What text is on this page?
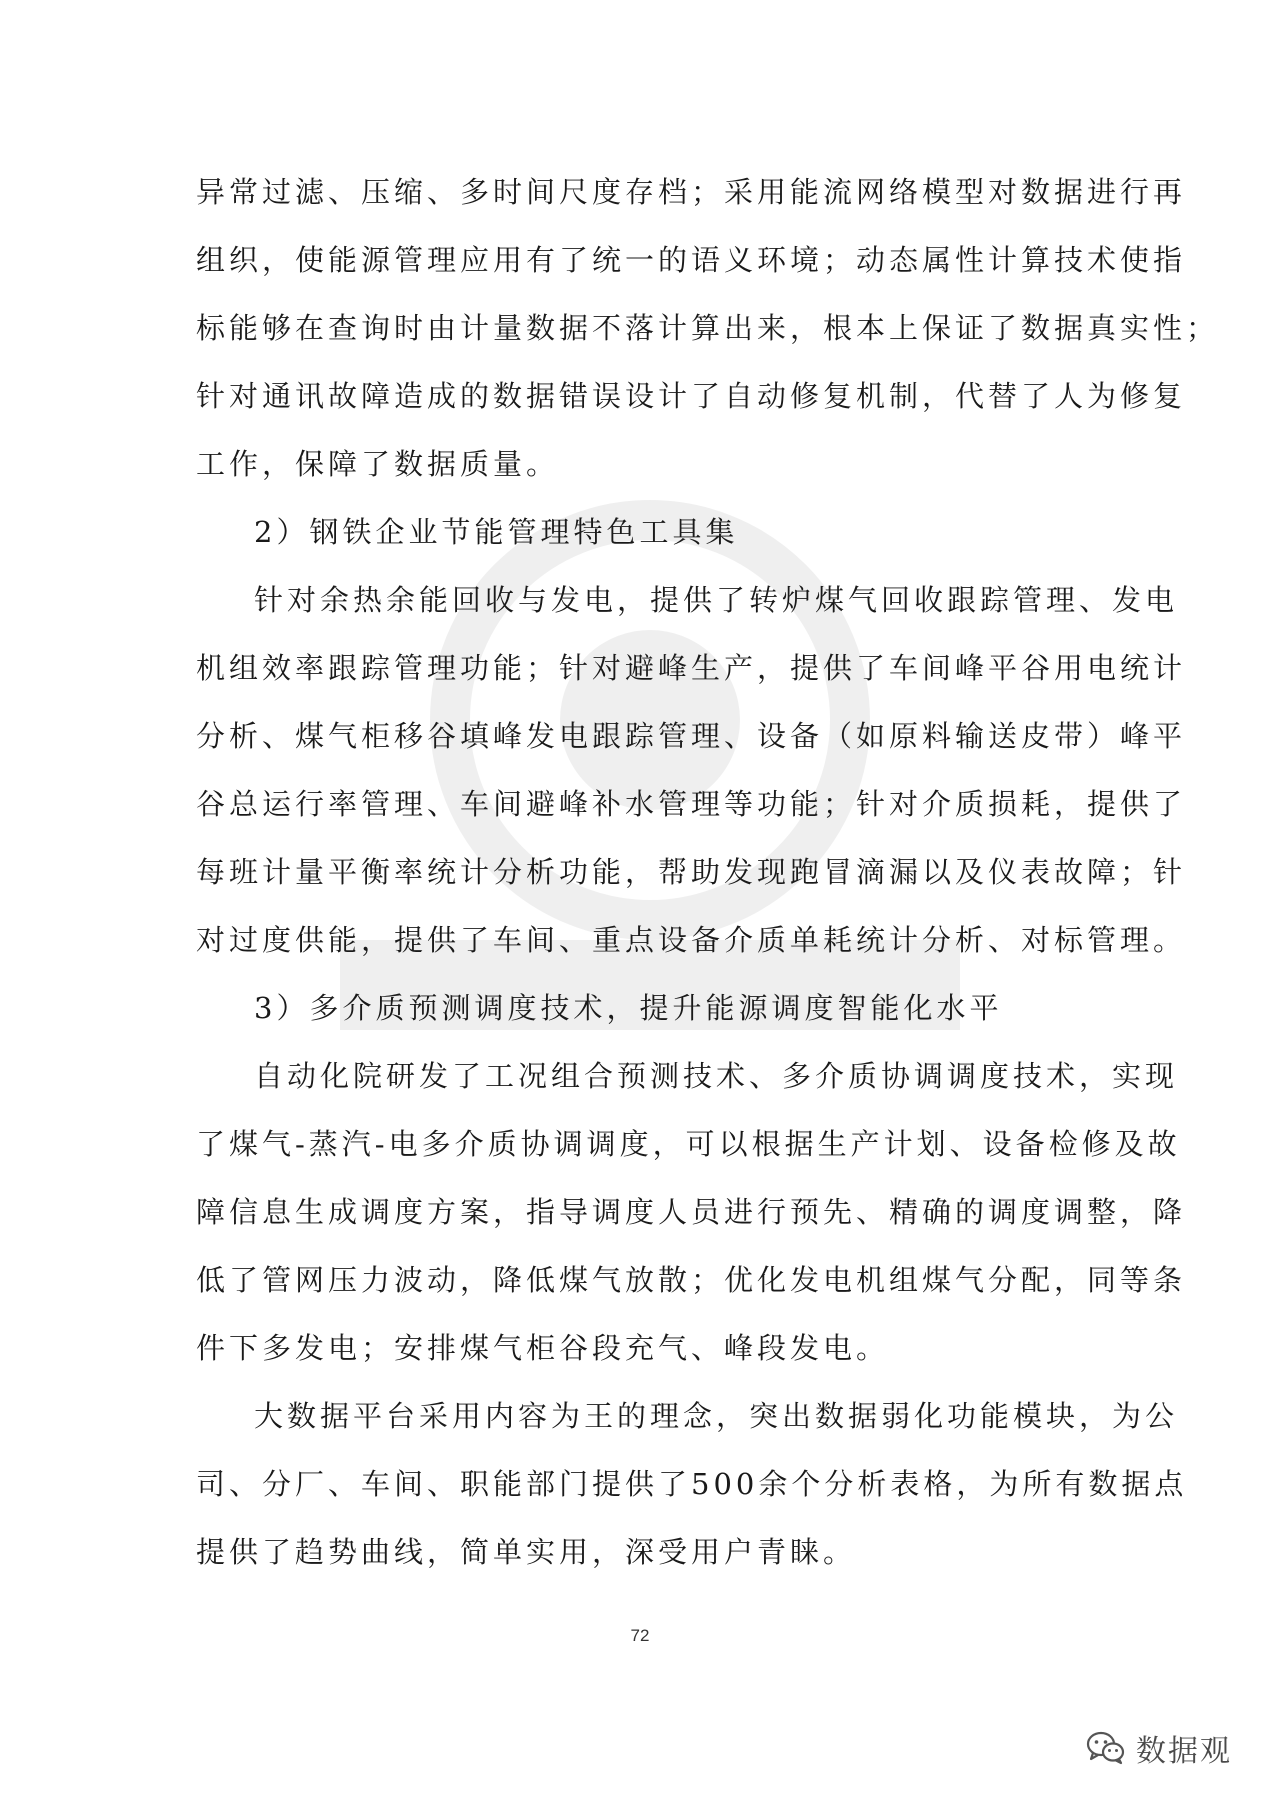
异常过滤、压缩、多时间尺度存档；采用能流网络模型对数据进行再
组织，使能源管理应用有了统一的语义环境；动态属性计算技术使指
标能够在查询时由计量数据不落计算出来，根本上保证了数据真实性；
针对通讯故障造成的数据错误设计了自动修复机制，代替了人为修复
工作，保障了数据质量。
2）钢铁企业节能管理特色工具集
针对余热余能回收与发电，提供了转炉煤气回收跟踪管理、发电
机组效率跟踪管理功能；针对避峰生产，提供了车间峰平谷用电统计
分析、煤气柜移谷填峰发电跟踪管理、设备（如原料输送皮带）峰平
谷总运行率管理、车间避峰补水管理等功能；针对介质损耗，提供了
每班计量平衡率统计分析功能，帮助发现跑冒滴漏以及仪表故障；针
对过度供能，提供了车间、重点设备介质单耗统计分析、对标管理。
3）多介质预测调度技术，提升能源调度智能化水平
自动化院研发了工况组合预测技术、多介质协调调度技术，实现
了煤气-蒸汽-电多介质协调调度，可以根据生产计划、设备检修及故
障信息生成调度方案，指导调度人员进行预先、精确的调度调整，降
低了管网压力波动，降低煤气放散；优化发电机组煤气分配，同等条
件下多发电；安排煤气柜谷段充气、峰段发电。
大数据平台采用内容为王的理念，突出数据弱化功能模块，为公
司、分厂、车间、职能部门提供了500余个分析表格，为所有数据点
提供了趋势曲线，简单实用，深受用户青睐。
72
数据观
